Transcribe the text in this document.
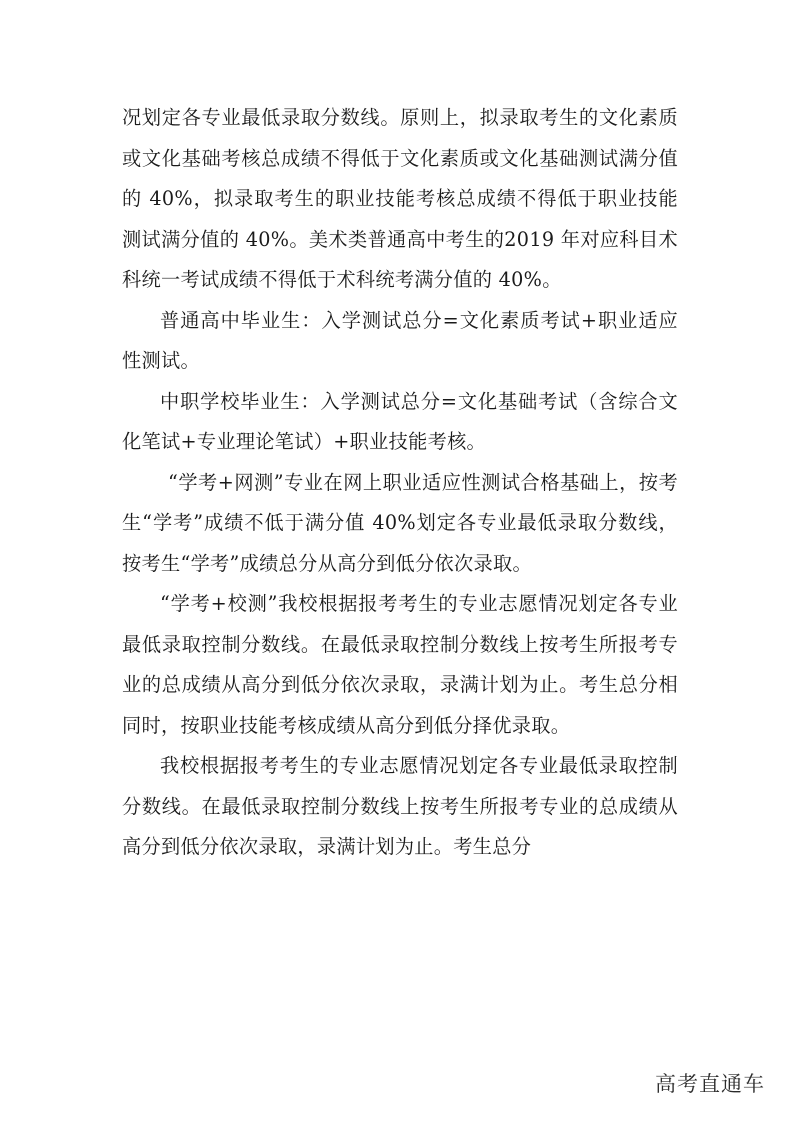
况划定各专业最低录取分数线。原则上，拟录取考生的文化素质或文化基础考核总成绩不得低于文化素质或文化基础测试满分值的 40%，拟录取考生的职业技能考核总成绩不得低于职业技能测试满分值的 40%。美术类普通高中考生的2019 年对应科目术科统一考试成绩不得低于术科统考满分值的 40%。

普通高中毕业生：入学测试总分=文化素质考试+职业适应性测试。

中职学校毕业生：入学测试总分=文化基础考试（含综合文化笔试+专业理论笔试）+职业技能考核。

“学考+网测”专业在网上职业适应性测试合格基础上，按考生“学考”成绩不低于满分值 40%划定各专业最低录取分数线，按考生“学考”成绩总分从高分到低分依次录取。

“学考+校测”我校根据报考考生的专业志愿情况划定各专业最低录取控制分数线。在最低录取控制分数线上按考生所报考专业的总成绩从高分到低分依次录取，录满计划为止。考生总分相同时，按职业技能考核成绩从高分到低分择优录取。

我校根据报考考生的专业志愿情况划定各专业最低录取控制分数线。在最低录取控制分数线上按考生所报考专业的总成绩从高分到低分依次录取，录满计划为止。考生总分

高考直通车
